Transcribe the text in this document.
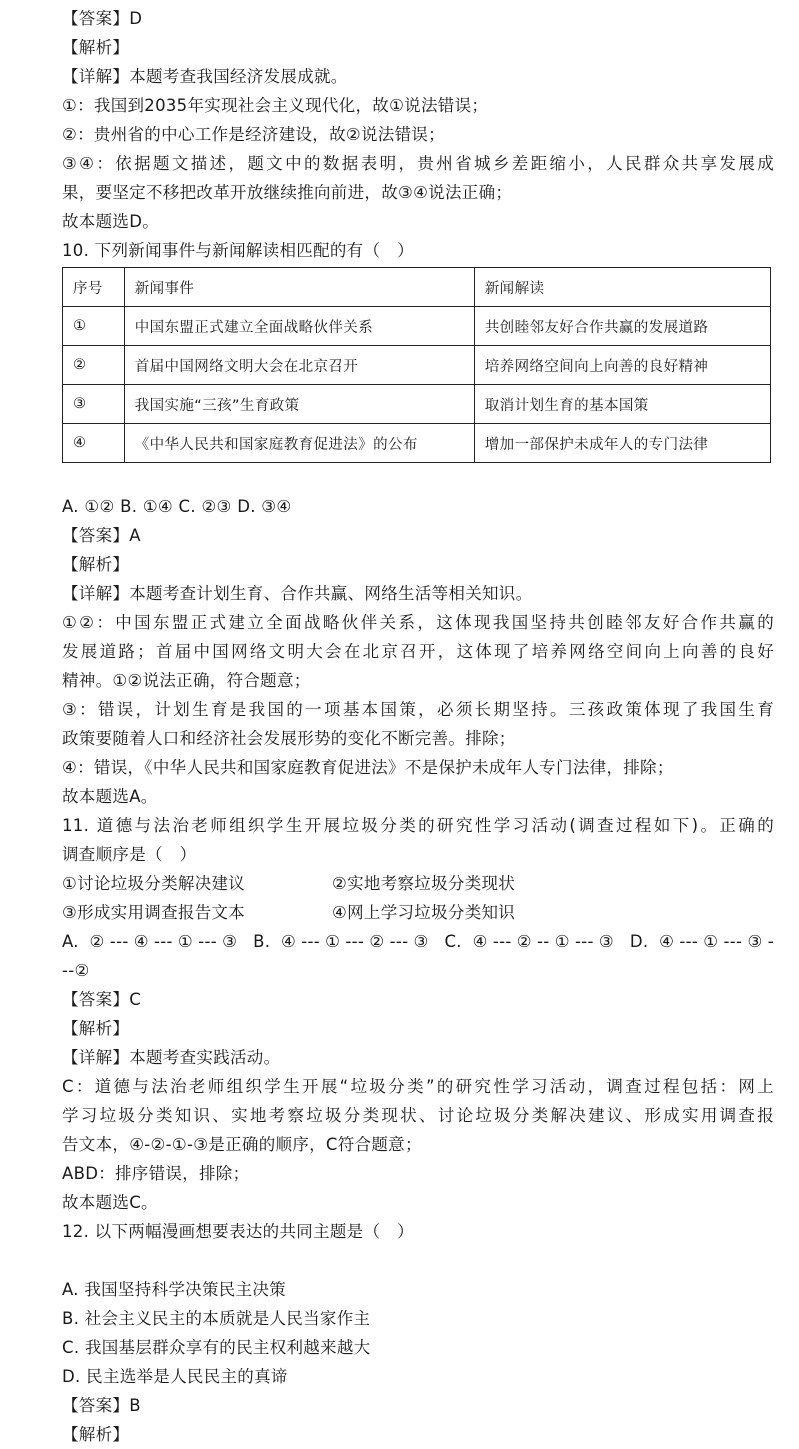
【答案】D
【解析】
【详解】本题考查我国经济发展成就。
①：我国到2035年实现社会主义现代化，故①说法错误；
②：贵州省的中心工作是经济建设，故②说法错误；
③④：依据题文描述，题文中的数据表明，贵州省城乡差距缩小，人民群众共享发展成
果，要坚定不移把改革开放继续推向前进，故③④说法正确；
故本题选D。
10. 下列新闻事件与新闻解读相匹配的有（　）
序号	新闻事件	新闻解读
①	中国东盟正式建立全面战略伙伴关系	共创睦邻友好合作共赢的发展道路
②	首届中国网络文明大会在北京召开	培养网络空间向上向善的良好精神
③	我国实施“三孩”生育政策	取消计划生育的基本国策
④	《中华人民共和国家庭教育促进法》的公布	增加一部保护未成年人的专门法律
A. ①② B. ①④ C. ②③ D. ③④
【答案】A
【解析】
【详解】本题考查计划生育、合作共赢、网络生活等相关知识。
①②：中国东盟正式建立全面战略伙伴关系，这体现我国坚持共创睦邻友好合作共赢的
发展道路；首届中国网络文明大会在北京召开，这体现了培养网络空间向上向善的良好
精神。①②说法正确，符合题意；
③：错误，计划生育是我国的一项基本国策，必须长期坚持。三孩政策体现了我国生育
政策要随着人口和经济社会发展形势的变化不断完善。排除；
④：错误，《中华人民共和国家庭教育促进法》不是保护未成年人专门法律，排除；
故本题选A。
11. 道德与法治老师组织学生开展垃圾分类的研究性学习活动(调查过程如下)。正确的
调查顺序是（　）
①讨论垃圾分类解决建议	②实地考察垃圾分类现状
③形成实用调查报告文本	④网上学习垃圾分类知识
A. ②---④---①---③ B. ④---①---②---③ C. ④---②--①---③ D. ④---①---③-
--②
【答案】C
【解析】
【详解】本题考查实践活动。
C：道德与法治老师组织学生开展“垃圾分类”的研究性学习活动，调查过程包括：网上
学习垃圾分类知识、实地考察垃圾分类现状、讨论垃圾分类解决建议、形成实用调查报
告文本，④-②-①-③是正确的顺序，C符合题意；
ABD：排序错误，排除；
故本题选C。
12. 以下两幅漫画想要表达的共同主题是（　）
A. 我国坚持科学决策民主决策
B. 社会主义民主的本质就是人民当家作主
C. 我国基层群众享有的民主权利越来越大
D. 民主选举是人民民主的真谛
【答案】B
【解析】
